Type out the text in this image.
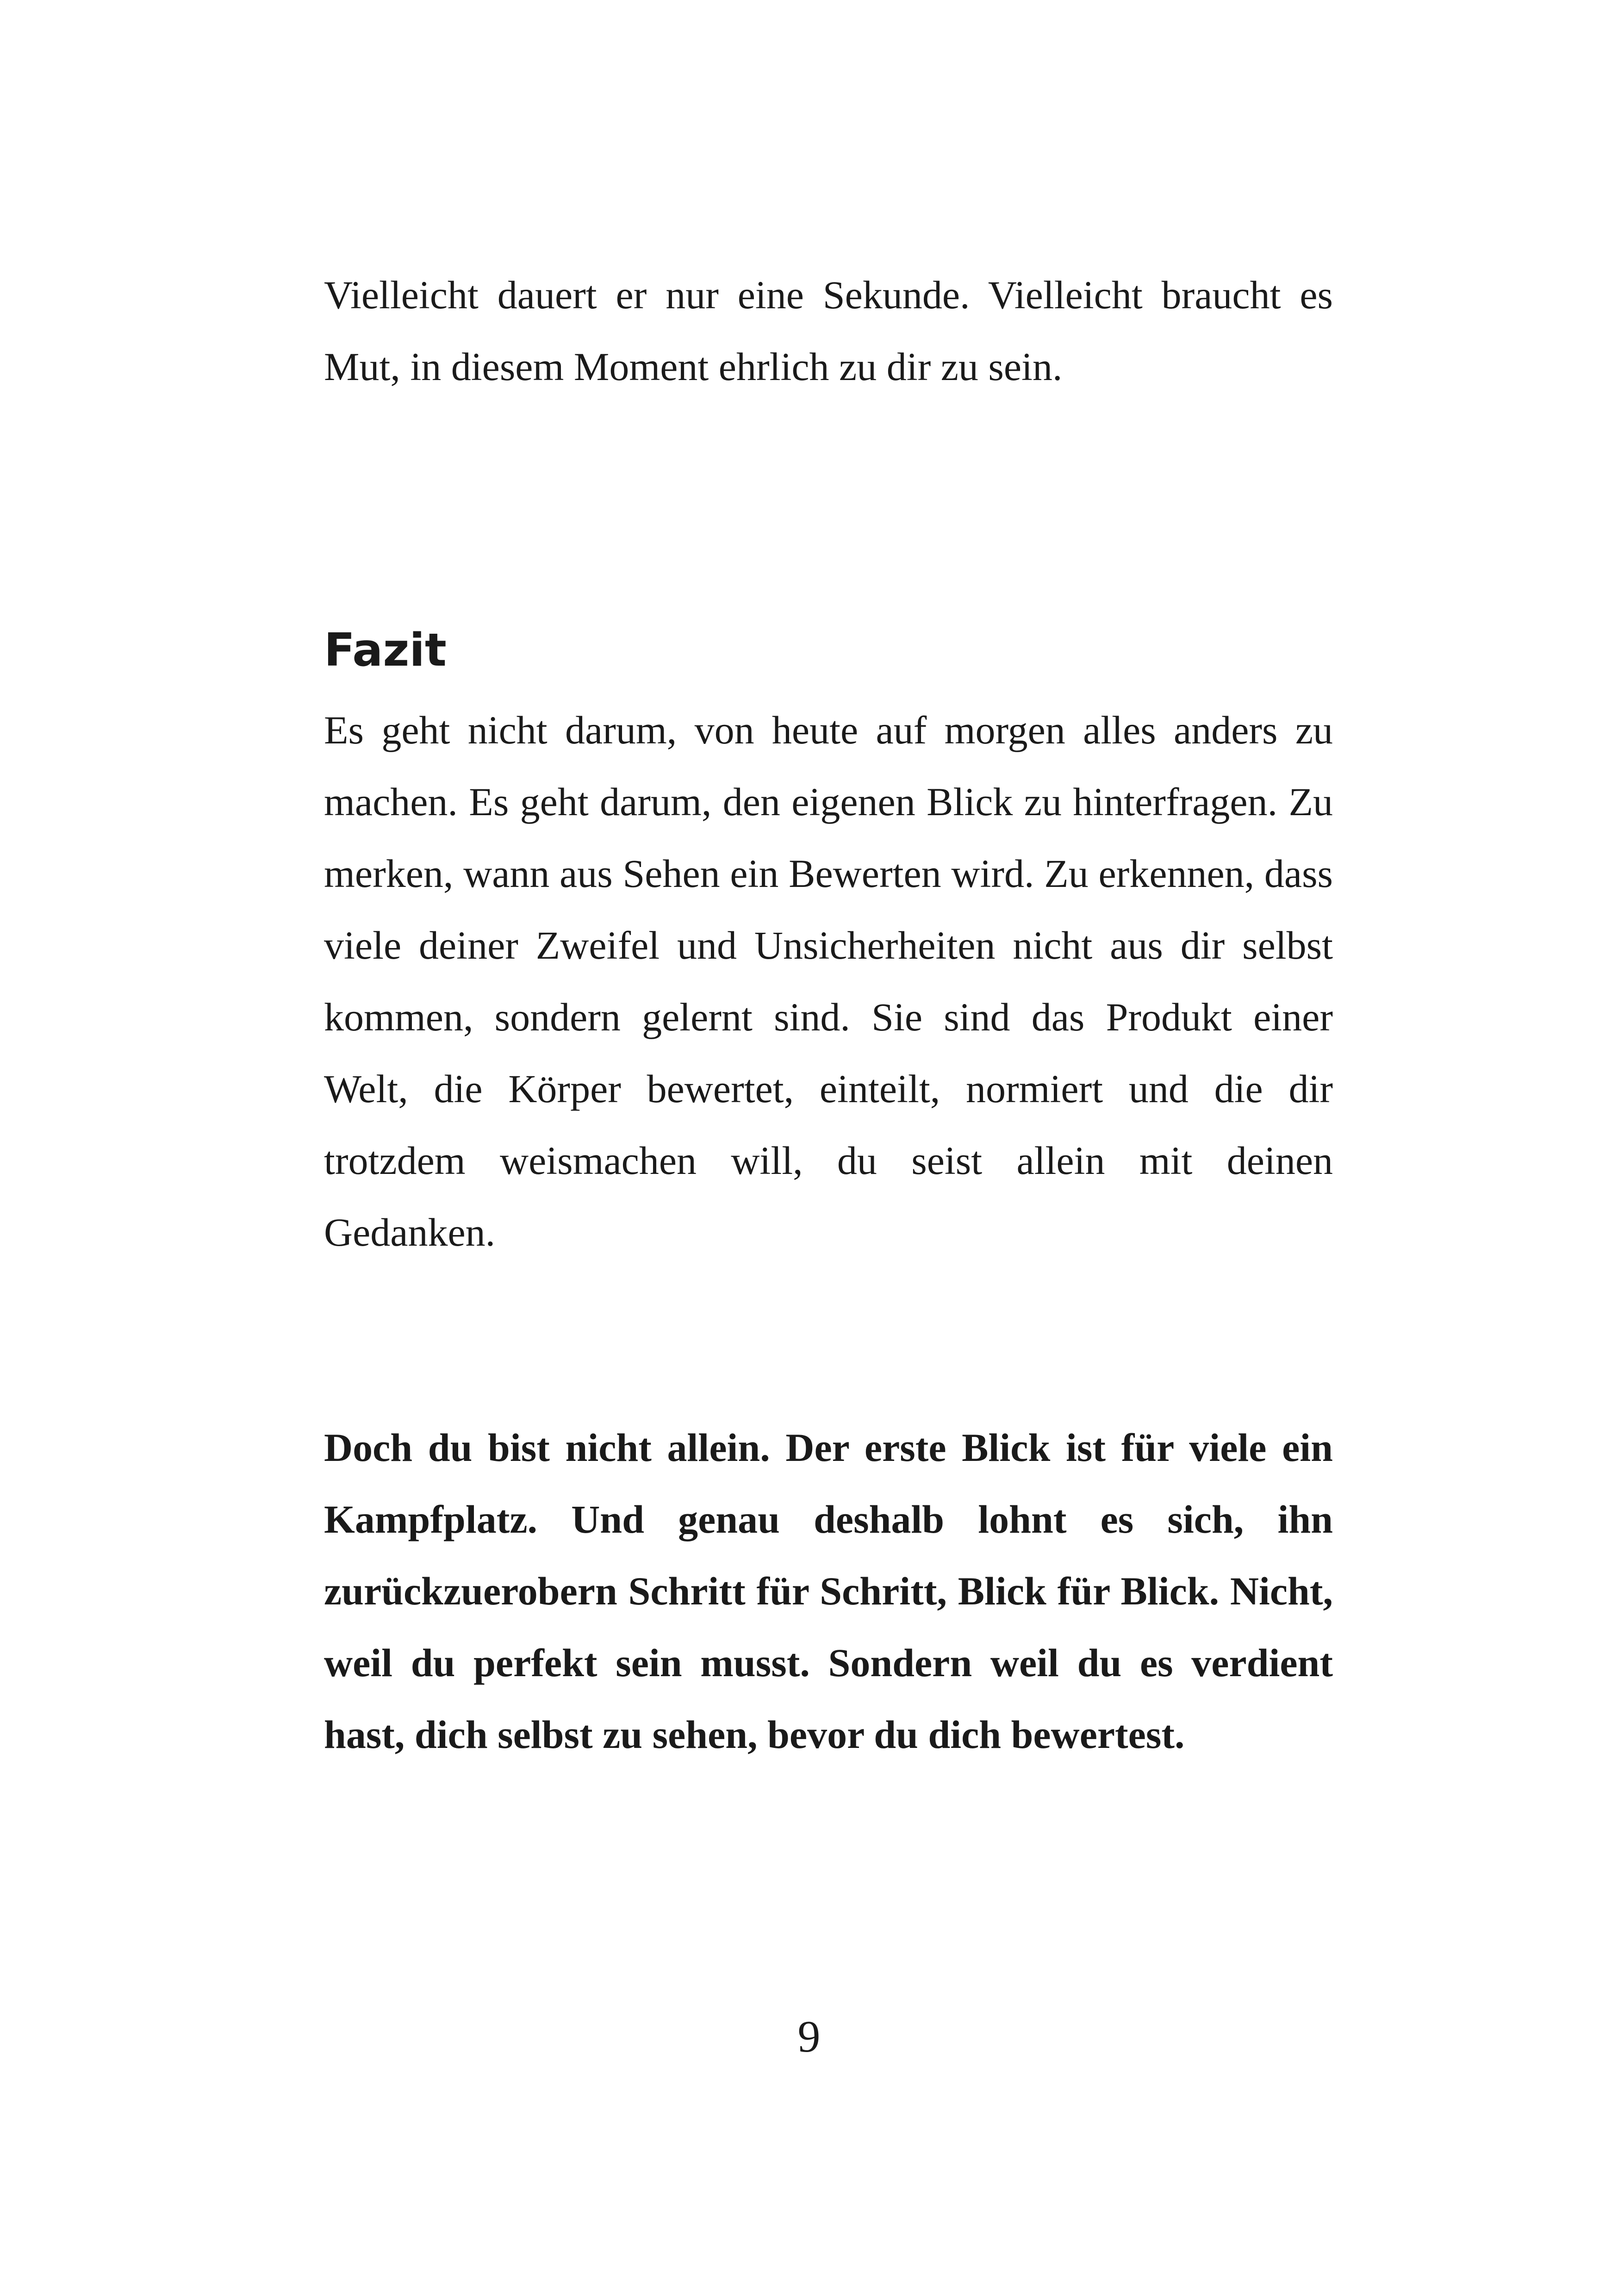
Vielleicht dauert er nur eine Sekunde. Vielleicht braucht es Mut, in diesem Moment ehrlich zu dir zu sein.

Fazit

Es geht nicht darum, von heute auf morgen alles anders zu machen. Es geht darum, den eigenen Blick zu hinterfragen. Zu merken, wann aus Sehen ein Bewerten wird. Zu erkennen, dass viele deiner Zweifel und Unsicherheiten nicht aus dir selbst kommen, sondern gelernt sind. Sie sind das Produkt einer Welt, die Körper bewertet, einteilt, normiert und die dir trotzdem weismachen will, du seist allein mit deinen Gedanken.

Doch du bist nicht allein. Der erste Blick ist für viele ein Kampfplatz. Und genau deshalb lohnt es sich, ihn zurückzuerobern Schritt für Schritt, Blick für Blick. Nicht, weil du perfekt sein musst. Sondern weil du es verdient hast, dich selbst zu sehen, bevor du dich bewertest.

9
